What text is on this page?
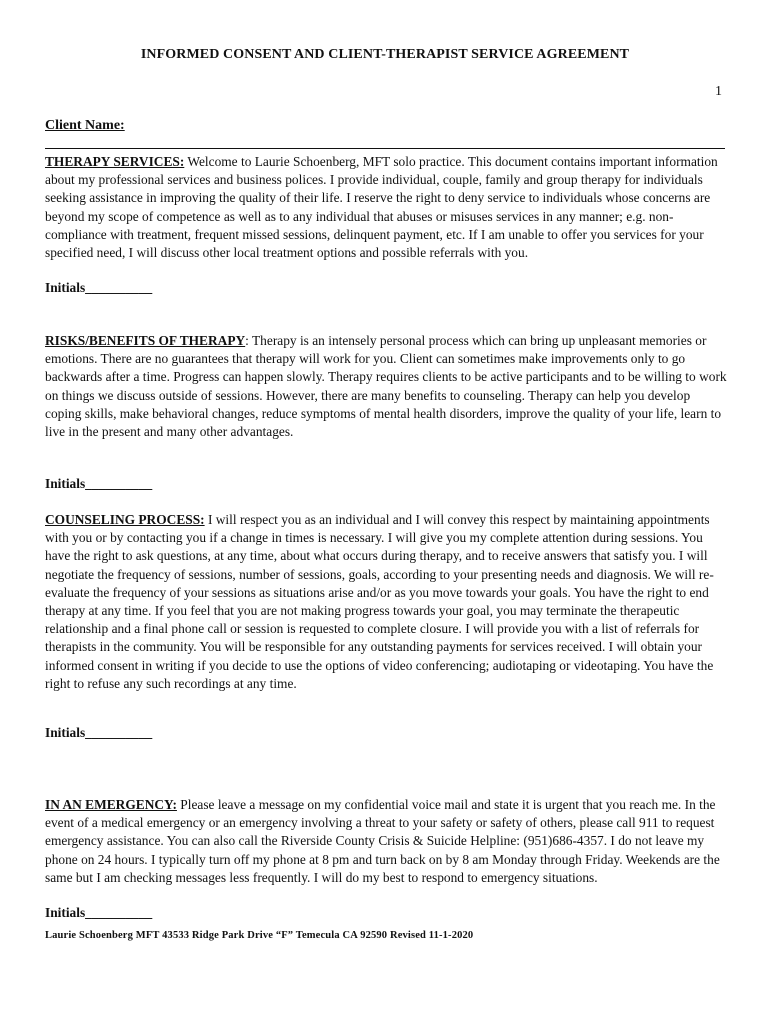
INFORMED CONSENT AND CLIENT-THERAPIST SERVICE AGREEMENT
1
Client Name:
THERAPY SERVICES: Welcome to Laurie Schoenberg, MFT solo practice. This document contains important information about my professional services and business polices. I provide individual, couple, family and group therapy for individuals seeking assistance in improving the quality of their life. I reserve the right to deny service to individuals whose concerns are beyond my scope of competence as well as to any individual that abuses or misuses services in any manner; e.g. non-compliance with treatment, frequent missed sessions, delinquent payment, etc. If I am unable to offer you services for your specified need, I will discuss other local treatment options and possible referrals with you.
Initials__________
RISKS/BENEFITS OF THERAPY: Therapy is an intensely personal process which can bring up unpleasant memories or emotions. There are no guarantees that therapy will work for you. Client can sometimes make improvements only to go backwards after a time. Progress can happen slowly. Therapy requires clients to be active participants and to be willing to work on things we discuss outside of sessions. However, there are many benefits to counseling. Therapy can help you develop coping skills, make behavioral changes, reduce symptoms of mental health disorders, improve the quality of your life, learn to live in the present and many other advantages.
Initials__________
COUNSELING PROCESS: I will respect you as an individual and I will convey this respect by maintaining appointments with you or by contacting you if a change in times is necessary. I will give you my complete attention during sessions. You have the right to ask questions, at any time, about what occurs during therapy, and to receive answers that satisfy you. I will negotiate the frequency of sessions, number of sessions, goals, according to your presenting needs and diagnosis. We will re-evaluate the frequency of your sessions as situations arise and/or as you move towards your goals. You have the right to end therapy at any time. If you feel that you are not making progress towards your goal, you may terminate the therapeutic relationship and a final phone call or session is requested to complete closure. I will provide you with a list of referrals for therapists in the community. You will be responsible for any outstanding payments for services received. I will obtain your informed consent in writing if you decide to use the options of video conferencing; audiotaping or videotaping. You have the right to refuse any such recordings at any time.
Initials__________
IN AN EMERGENCY: Please leave a message on my confidential voice mail and state it is urgent that you reach me. In the event of a medical emergency or an emergency involving a threat to your safety or safety of others, please call 911 to request emergency assistance. You can also call the Riverside County Crisis & Suicide Helpline: (951)686-4357. I do not leave my phone on 24 hours. I typically turn off my phone at 8 pm and turn back on by 8 am Monday through Friday. Weekends are the same but I am checking messages less frequently. I will do my best to respond to emergency situations.
Initials__________
Laurie Schoenberg MFT 43533 Ridge Park Drive “F” Temecula CA 92590 Revised 11-1-2020
